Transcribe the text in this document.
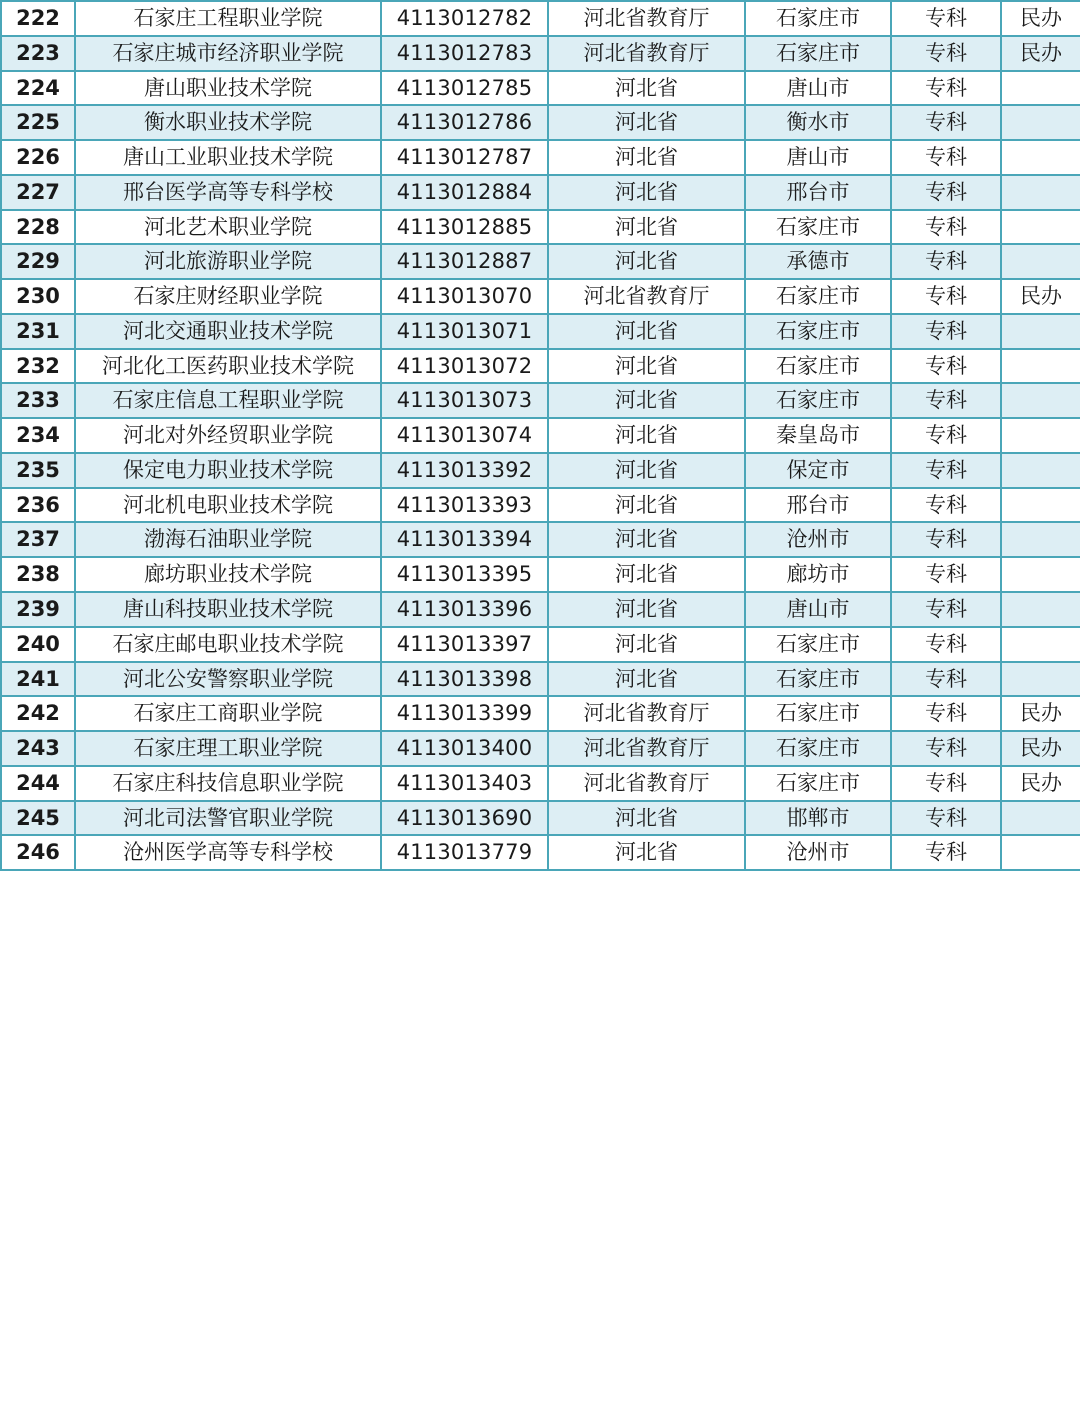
222	石家庄工程职业学院	4113012782	河北省教育厅	石家庄市	专科	民办
223	石家庄城市经济职业学院	4113012783	河北省教育厅	石家庄市	专科	民办
224	唐山职业技术学院	4113012785	河北省	唐山市	专科	
225	衡水职业技术学院	4113012786	河北省	衡水市	专科	
226	唐山工业职业技术学院	4113012787	河北省	唐山市	专科	
227	邢台医学高等专科学校	4113012884	河北省	邢台市	专科	
228	河北艺术职业学院	4113012885	河北省	石家庄市	专科	
229	河北旅游职业学院	4113012887	河北省	承德市	专科	
230	石家庄财经职业学院	4113013070	河北省教育厅	石家庄市	专科	民办
231	河北交通职业技术学院	4113013071	河北省	石家庄市	专科	
232	河北化工医药职业技术学院	4113013072	河北省	石家庄市	专科	
233	石家庄信息工程职业学院	4113013073	河北省	石家庄市	专科	
234	河北对外经贸职业学院	4113013074	河北省	秦皇岛市	专科	
235	保定电力职业技术学院	4113013392	河北省	保定市	专科	
236	河北机电职业技术学院	4113013393	河北省	邢台市	专科	
237	渤海石油职业学院	4113013394	河北省	沧州市	专科	
238	廊坊职业技术学院	4113013395	河北省	廊坊市	专科	
239	唐山科技职业技术学院	4113013396	河北省	唐山市	专科	
240	石家庄邮电职业技术学院	4113013397	河北省	石家庄市	专科	
241	河北公安警察职业学院	4113013398	河北省	石家庄市	专科	
242	石家庄工商职业学院	4113013399	河北省教育厅	石家庄市	专科	民办
243	石家庄理工职业学院	4113013400	河北省教育厅	石家庄市	专科	民办
244	石家庄科技信息职业学院	4113013403	河北省教育厅	石家庄市	专科	民办
245	河北司法警官职业学院	4113013690	河北省	邯郸市	专科	
246	沧州医学高等专科学校	4113013779	河北省	沧州市	专科	
